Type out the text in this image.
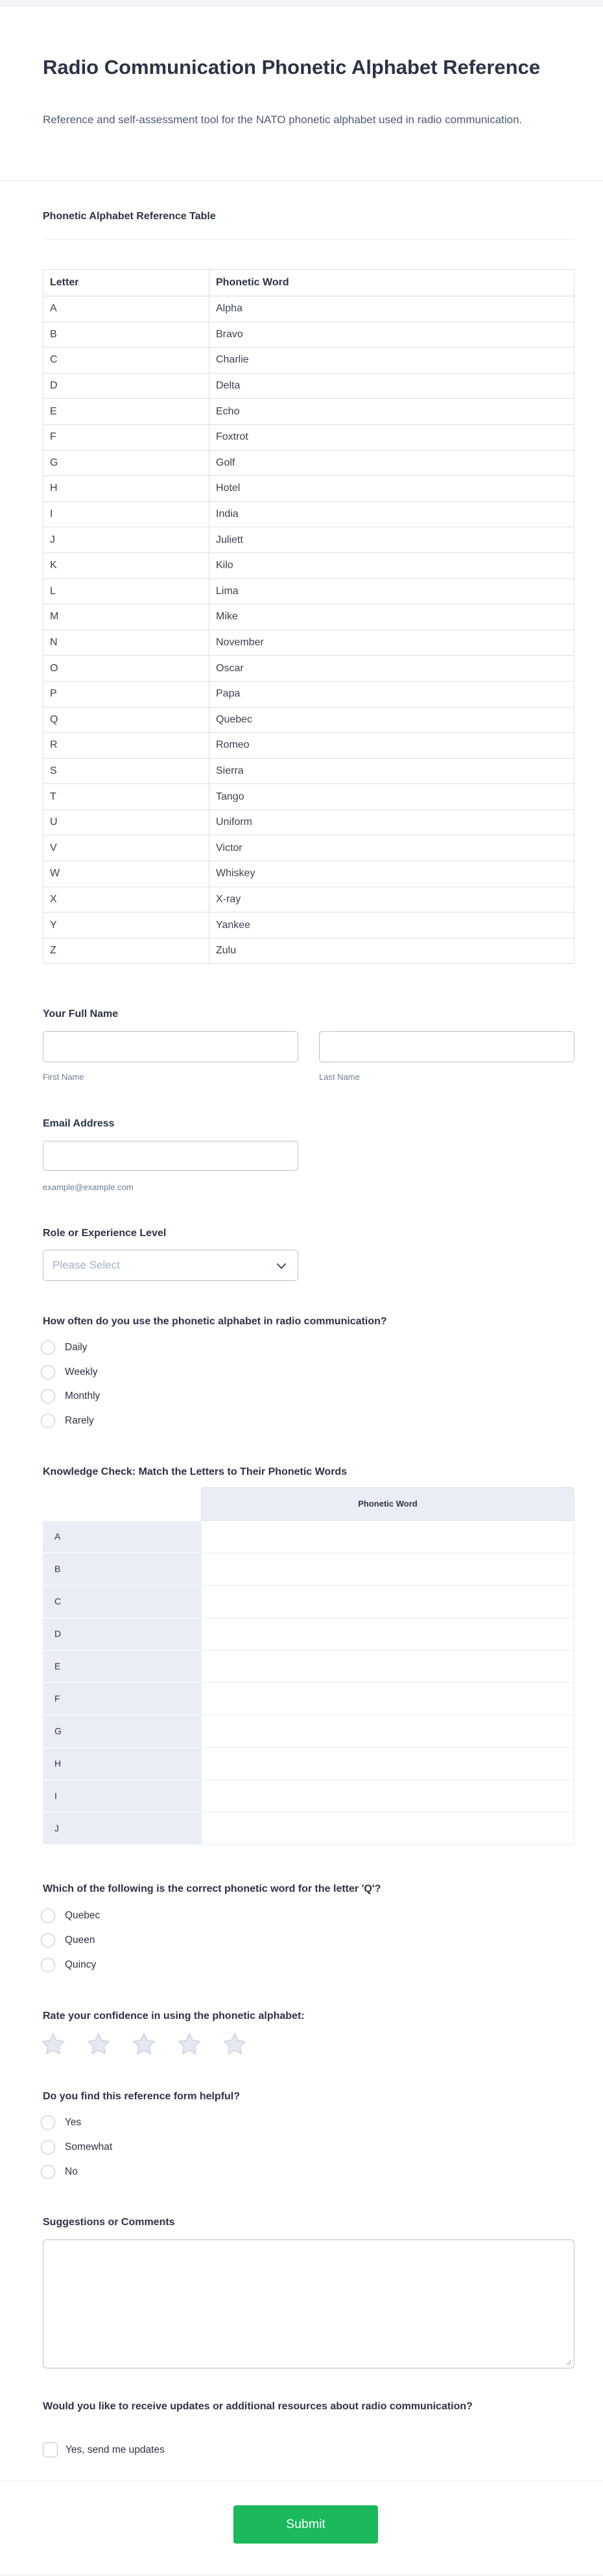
Radio Communication Phonetic Alphabet Reference
Reference and self-assessment tool for the NATO phonetic alphabet used in radio communication.
Phonetic Alphabet Reference Table
Letter	Phonetic Word
A	Alpha
B	Bravo
C	Charlie
D	Delta
E	Echo
F	Foxtrot
G	Golf
H	Hotel
I	India
J	Juliett
K	Kilo
L	Lima
M	Mike
N	November
O	Oscar
P	Papa
Q	Quebec
R	Romeo
S	Sierra
T	Tango
U	Uniform
V	Victor
W	Whiskey
X	X-ray
Y	Yankee
Z	Zulu
Your Full Name
First Name	Last Name
Email Address
example@example.com
Role or Experience Level
Please Select
How often do you use the phonetic alphabet in radio communication?
Daily
Weekly
Monthly
Rarely
Knowledge Check: Match the Letters to Their Phonetic Words
Phonetic Word
A
B
C
D
E
F
G
H
I
J
Which of the following is the correct phonetic word for the letter 'Q'?
Quebec
Queen
Quincy
Rate your confidence in using the phonetic alphabet:
Do you find this reference form helpful?
Yes
Somewhat
No
Suggestions or Comments
Would you like to receive updates or additional resources about radio communication?
Yes, send me updates
Submit
